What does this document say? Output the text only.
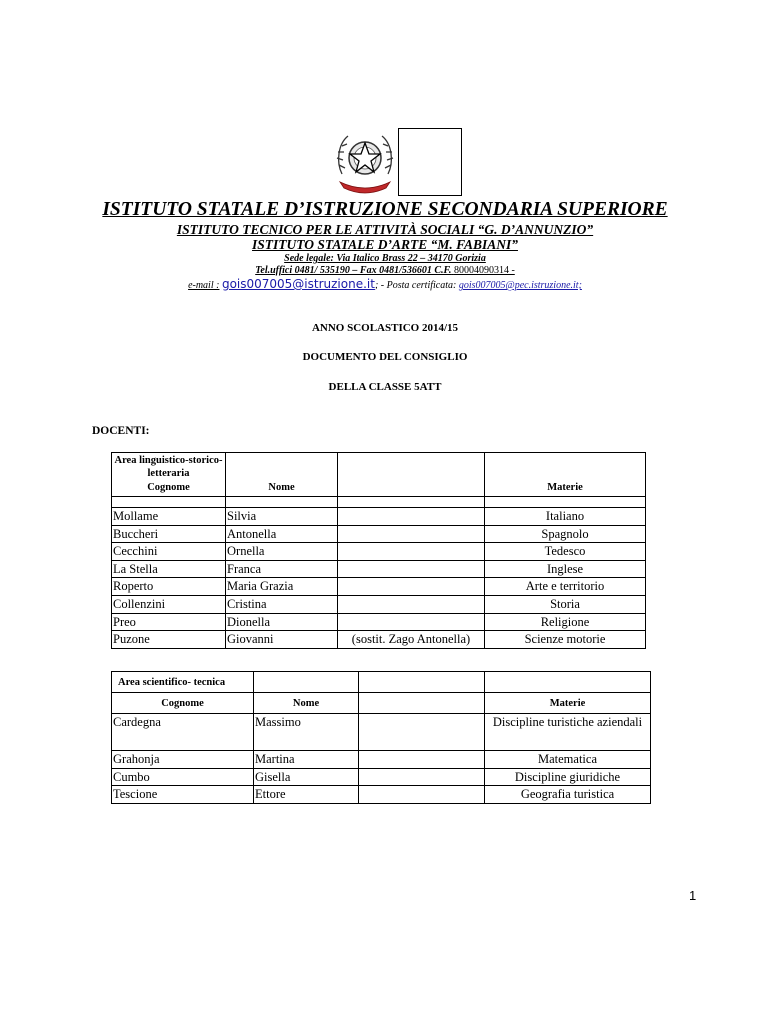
ISTITUTO STATALE D’ISTRUZIONE SECONDARIA SUPERIORE
ISTITUTO TECNICO PER LE ATTIVITÀ SOCIALI “G. D’ANNUNZIO”
ISTITUTO STATALE D’ARTE “M. FABIANI”
Sede legale: Via Italico Brass 22 – 34170 Gorizia
Tel.uffici 0481/ 535190 – Fax 0481/536601 C.F. 80004090314 -
e-mail : gois007005@istruzione.it; - Posta certificata: gois007005@pec.istruzione.it;
ANNO SCOLASTICO 2014/15
DOCUMENTO DEL CONSIGLIO
DELLA CLASSE 5ATT
DOCENTI:
Area linguistico-storico-letteraria
Cognome	Nome		Materie

Mollame	Silvia		Italiano
Buccheri	Antonella		Spagnolo
Cecchini	Ornella		Tedesco
La Stella	Franca		Inglese
Roperto	Maria Grazia		Arte e territorio
Collenzini	Cristina		Storia
Preo	Dionella		Religione
Puzone	Giovanni	(sostit. Zago Antonella)	Scienze motorie
Area scientifico- tecnica			
Cognome	Nome		Materie
Cardegna	Massimo		Discipline turistiche aziendali
Grahonja	Martina		Matematica
Cumbo	Gisella		Discipline giuridiche
Tescione	Ettore		Geografia turistica
1
